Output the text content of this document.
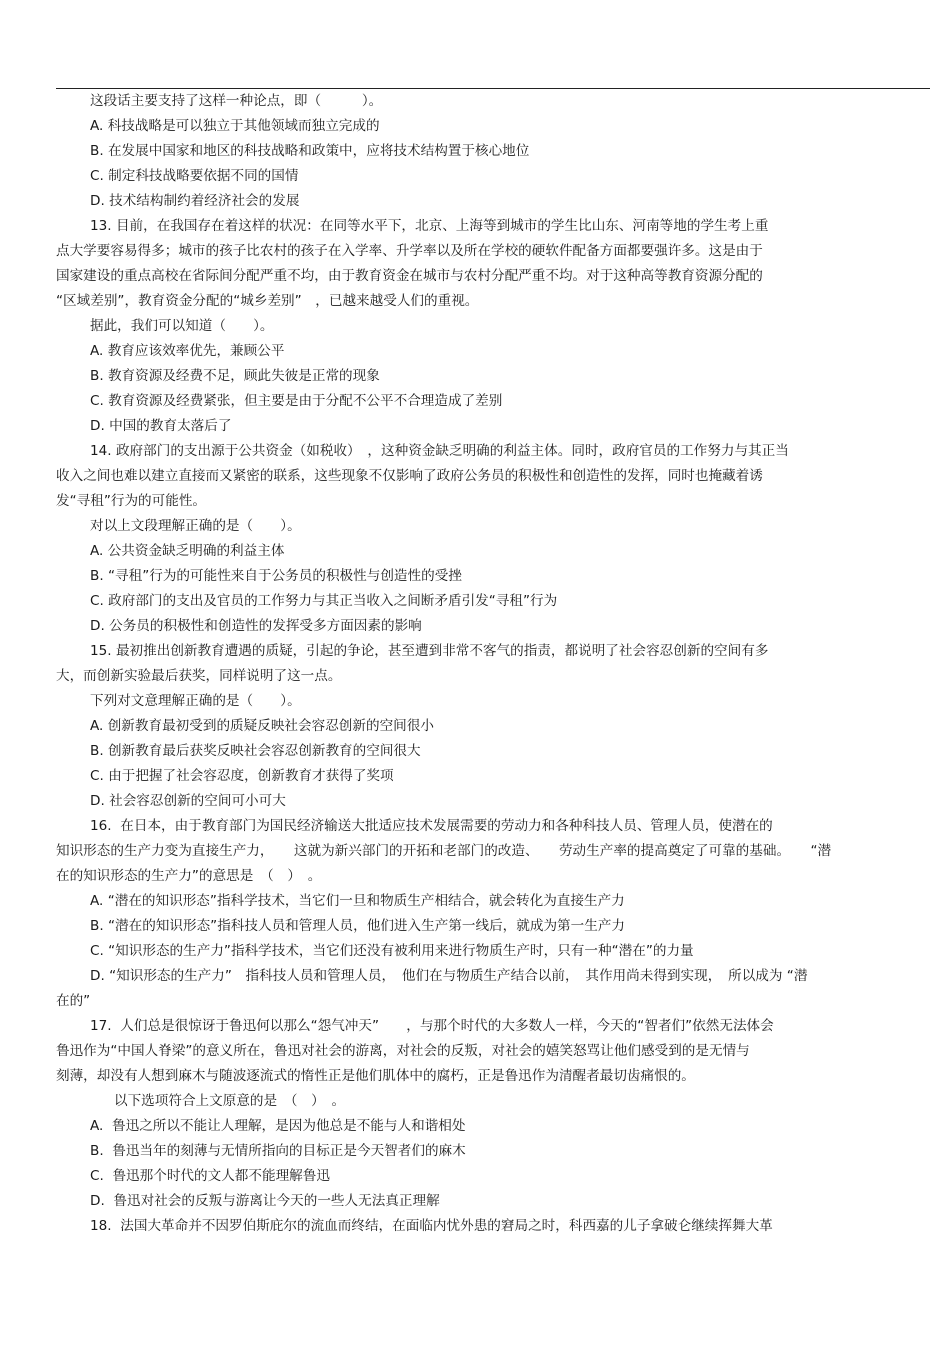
这段话主要支持了这样一种论点，即（　　　）。
A. 科技战略是可以独立于其他领域而独立完成的
B. 在发展中国家和地区的科技战略和政策中，应将技术结构置于核心地位
C. 制定科技战略要依据不同的国情
D. 技术结构制约着经济社会的发展
13. 目前，在我国存在着这样的状况：在同等水平下，北京、上海等到城市的学生比山东、河南等地的学生考上重
点大学要容易得多；城市的孩子比农村的孩子在入学率、升学率以及所在学校的硬软件配备方面都要强许多。这是由于
国家建设的重点高校在省际间分配严重不均，由于教育资金在城市与农村分配严重不均。对于这种高等教育资源分配的
“区域差别”，教育资金分配的“城乡差别”　，已越来越受人们的重视。
据此，我们可以知道（　　）。
A. 教育应该效率优先，兼顾公平
B. 教育资源及经费不足，顾此失彼是正常的现象
C. 教育资源及经费紧张，但主要是由于分配不公平不合理造成了差别
D. 中国的教育太落后了
14. 政府部门的支出源于公共资金（如税收）　，这种资金缺乏明确的利益主体。同时，政府官员的工作努力与其正当
收入之间也难以建立直接而又紧密的联系，这些现象不仅影响了政府公务员的积极性和创造性的发挥，同时也掩藏着诱
发“寻租”行为的可能性。
对以上文段理解正确的是（　　）。
A. 公共资金缺乏明确的利益主体
B. “寻租”行为的可能性来自于公务员的积极性与创造性的受挫
C. 政府部门的支出及官员的工作努力与其正当收入之间断矛盾引发“寻租”行为
D. 公务员的积极性和创造性的发挥受多方面因素的影响
15. 最初推出创新教育遭遇的质疑，引起的争论，甚至遭到非常不客气的指责，都说明了社会容忍创新的空间有多
大，而创新实验最后获奖，同样说明了这一点。
下列对文意理解正确的是（　　）。
A. 创新教育最初受到的质疑反映社会容忍创新的空间很小
B. 创新教育最后获奖反映社会容忍创新教育的空间很大
C. 由于把握了社会容忍度，创新教育才获得了奖项
D. 社会容忍创新的空间可小可大
16.  在日本，由于教育部门为国民经济输送大批适应技术发展需要的劳动力和各种科技人员、管理人员，使潜在的
知识形态的生产力变为直接生产力，　　这就为新兴部门的开拓和老部门的改造、　　劳动生产率的提高奠定了可靠的基础。　　“潜
在的知识形态的生产力”的意思是　（　）　。
A. “潜在的知识形态”指科学技术，当它们一旦和物质生产相结合，就会转化为直接生产力
B. “潜在的知识形态”指科技人员和管理人员，他们进入生产第一线后，就成为第一生产力
C. “知识形态的生产力”指科学技术，当它们还没有被利用来进行物质生产时，只有一种“潜在”的力量
D. “知识形态的生产力”　指科技人员和管理人员，　他们在与物质生产结合以前，　其作用尚未得到实现，　所以成为 “潜
在的”
17.  人们总是很惊讶于鲁迅何以那么“怨气冲天”　　，与那个时代的大多数人一样，今天的“智者们”依然无法体会
鲁迅作为“中国人脊梁”的意义所在，鲁迅对社会的游离，对社会的反叛，对社会的嬉笑怒骂让他们感受到的是无情与
刻薄，却没有人想到麻木与随波逐流式的惰性正是他们肌体中的腐朽，正是鲁迅作为清醒者最切齿痛恨的。
以下选项符合上文原意的是　（　）　。
A.  鲁迅之所以不能让人理解，是因为他总是不能与人和谐相处
B.  鲁迅当年的刻薄与无情所指向的目标正是今天智者们的麻木
C.  鲁迅那个时代的文人都不能理解鲁迅
D.  鲁迅对社会的反叛与游离让今天的一些人无法真正理解
18.  法国大革命并不因罗伯斯庇尔的流血而终结，在面临内忧外患的窘局之时，科西嘉的儿子拿破仑继续挥舞大革
